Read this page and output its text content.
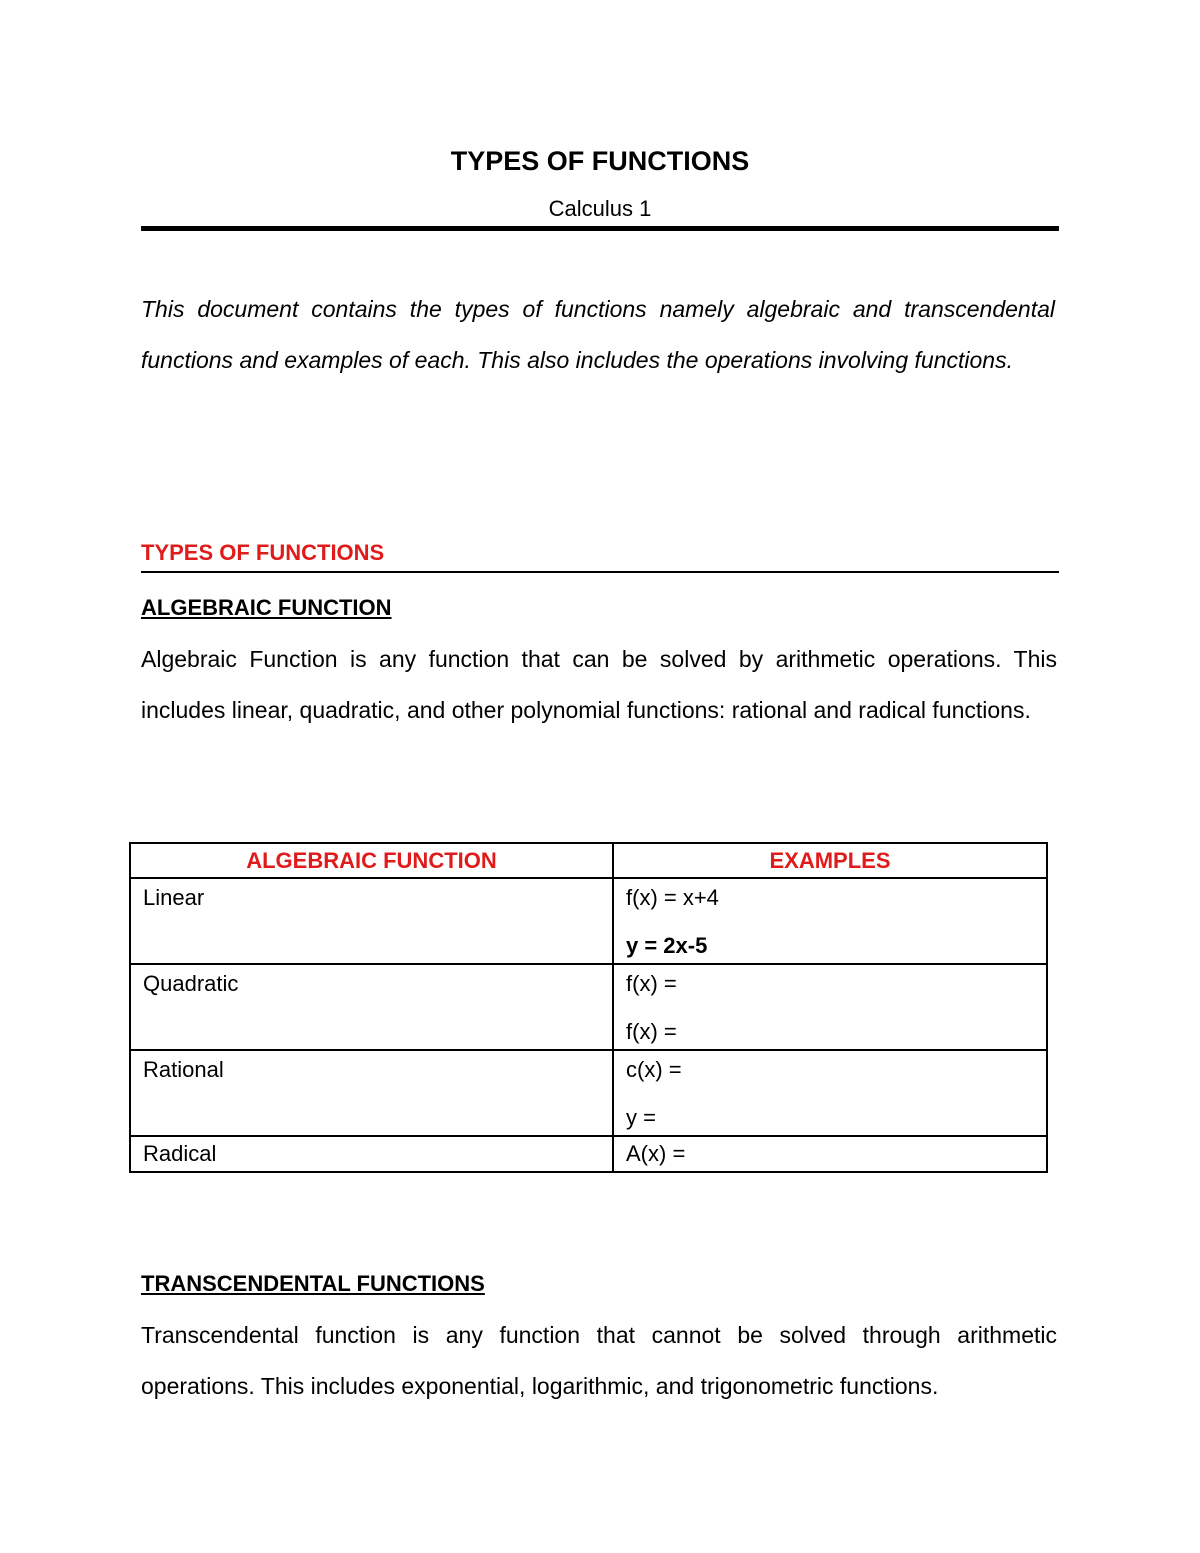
TYPES OF FUNCTIONS
Calculus 1
This document contains the types of functions namely algebraic and transcendental functions and examples of each. This also includes the operations involving functions.
TYPES OF FUNCTIONS
ALGEBRAIC FUNCTION
Algebraic Function is any function that can be solved by arithmetic operations. This includes linear, quadratic, and other polynomial functions: rational and radical functions.
ALGEBRAIC FUNCTION	EXAMPLES

Linear	f(x) = x+4
y = 2x-5

Quadratic	f(x) =
f(x) =

Rational	c(x) =
y =

Radical	A(x) =
TRANSCENDENTAL FUNCTIONS
Transcendental function is any function that cannot be solved through arithmetic operations. This includes exponential, logarithmic, and trigonometric functions.
